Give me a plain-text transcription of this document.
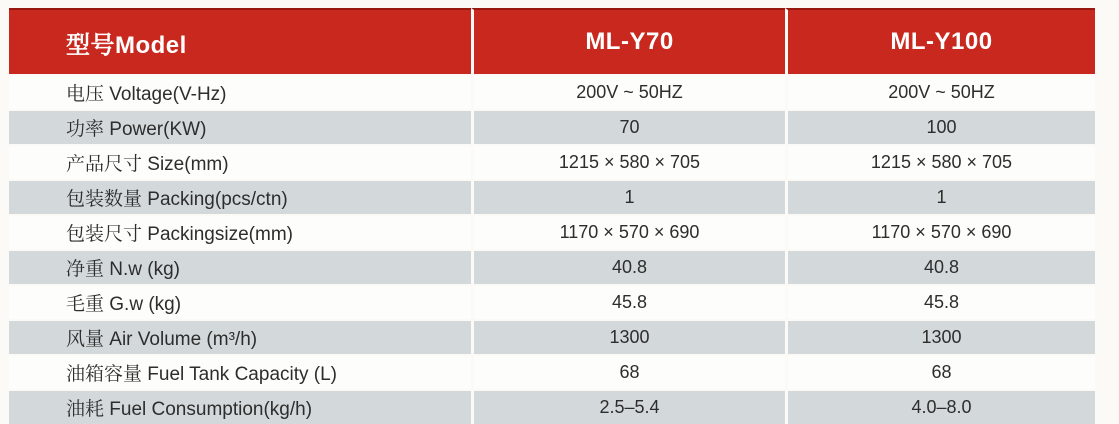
型号Model	ML-Y70	ML-Y100
电压 Voltage(V-Hz)	200V ~ 50HZ	200V ~ 50HZ
功率 Power(KW)	70	100
产品尺寸 Size(mm)	1215 × 580 × 705	1215 × 580 × 705
包装数量 Packing(pcs/ctn)	1	1
包装尺寸 Packingsize(mm)	1170 × 570 × 690	1170 × 570 × 690
净重 N.w (kg)	40.8	40.8
毛重 G.w (kg)	45.8	45.8
风量 Air Volume (m³/h)	1300	1300
油箱容量 Fuel Tank Capacity (L)	68	68
油耗 Fuel Consumption(kg/h)	2.5–5.4	4.0–8.0
